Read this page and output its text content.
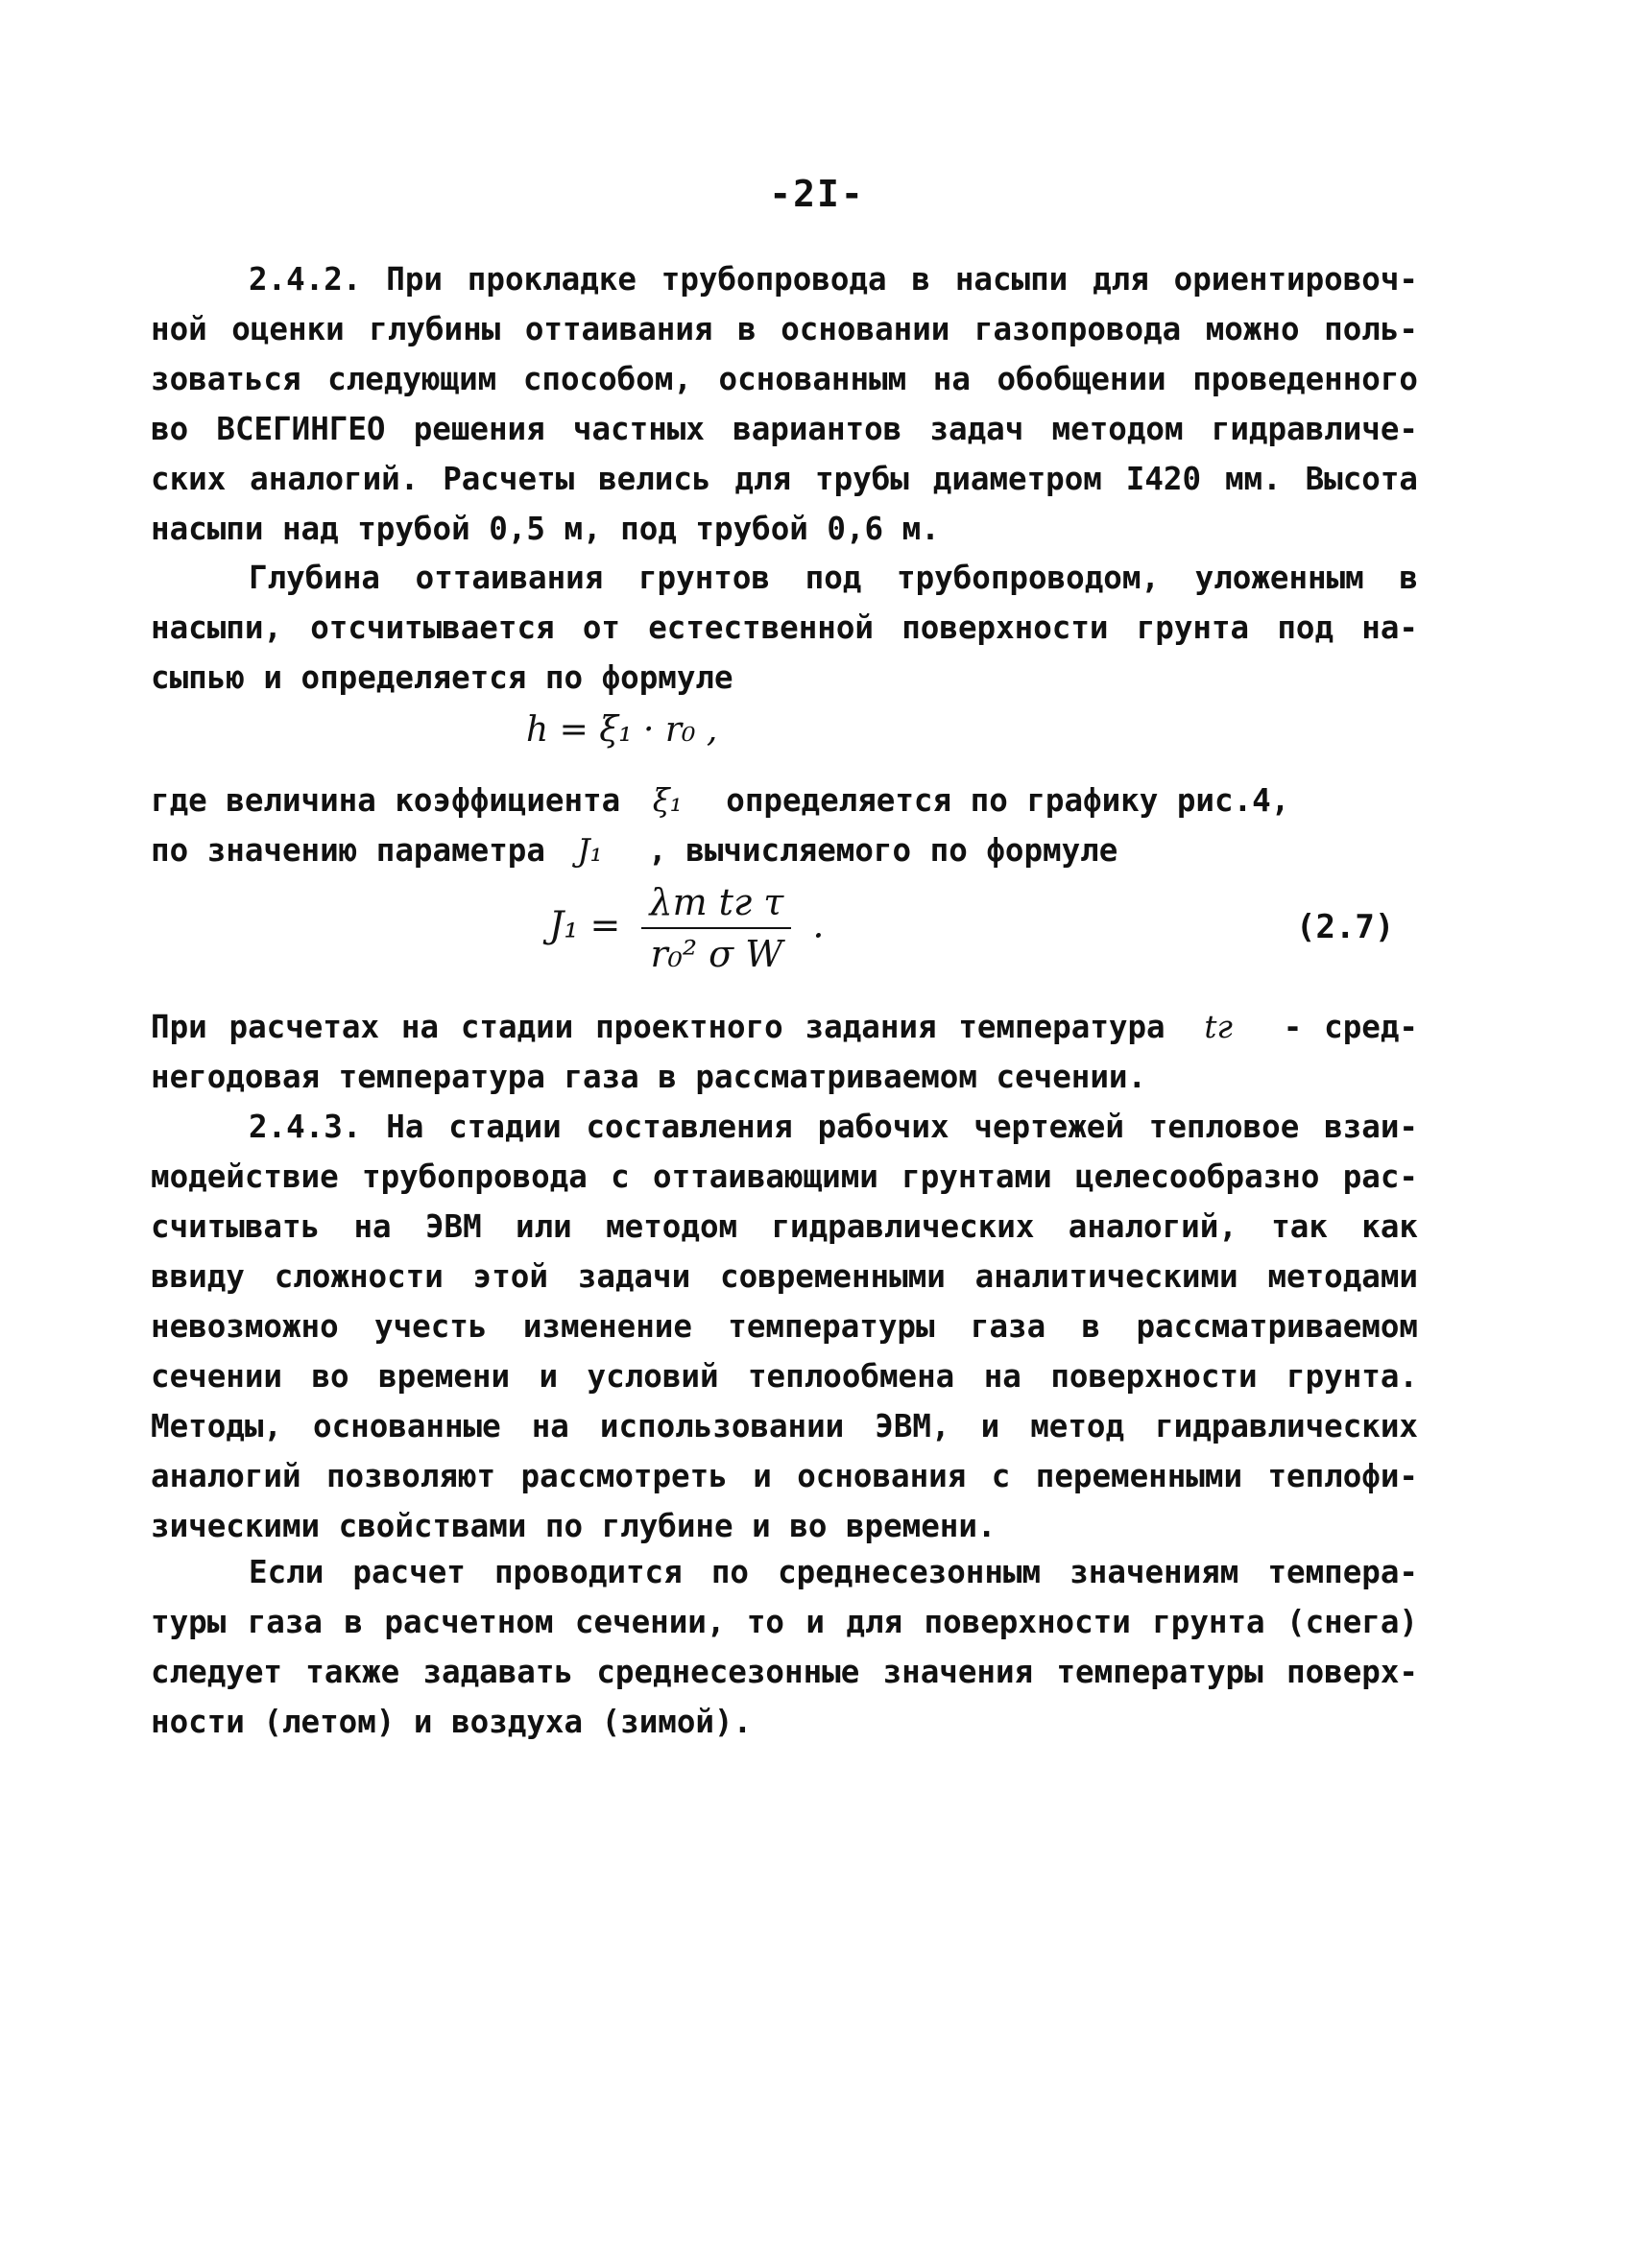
-2I-
2.4.2. При прокладке трубопровода в насыпи для ориентировоч-
ной оценки глубины оттаивания в основании газопровода можно поль-
зоваться следующим способом, основанным на обобщении проведенного
во ВСЕГИНГЕО решения частных вариантов задач методом гидравличе-
ских аналогий. Расчеты велись для трубы диаметром I420 мм. Высота
насыпи над трубой 0,5 м, под трубой 0,6 м.
Глубина оттаивания грунтов под трубопроводом, уложенным в
насыпи, отсчитывается от естественной поверхности грунта под на-
сыпью и определяется по формуле
h = ξ₁ · r₀ ,
где величина коэффициента ξ₁ определяется по графику рис.4,
по значению параметра J₁ , вычисляемого по формуле
$J_1 = \frac{\text{λт tг τ}}{\text{r₀² σ W}}$ .	(2.7)
При расчетах на стадии проектного задания температура tг - сред-
негодовая температура газа в рассматриваемом сечении.
2.4.3. На стадии составления рабочих чертежей тепловое взаи-
модействие трубопровода с оттаивающими грунтами целесообразно рас-
считывать на ЭВМ или методом гидравлических аналогий, так как
ввиду сложности этой задачи современными аналитическими методами
невозможно учесть изменение температуры газа в рассматриваемом
сечении во времени и условий теплообмена на поверхности грунта.
Методы, основанные на использовании ЭВМ, и метод гидравлических
аналогий позволяют рассмотреть и основания с переменными теплофи-
зическими свойствами по глубине и во времени.
Если расчет проводится по среднесезонным значениям темпера-
туры газа в расчетном сечении, то и для поверхности грунта (снега)
следует также задавать среднесезонные значения температуры поверх-
ности (летом) и воздуха (зимой).
